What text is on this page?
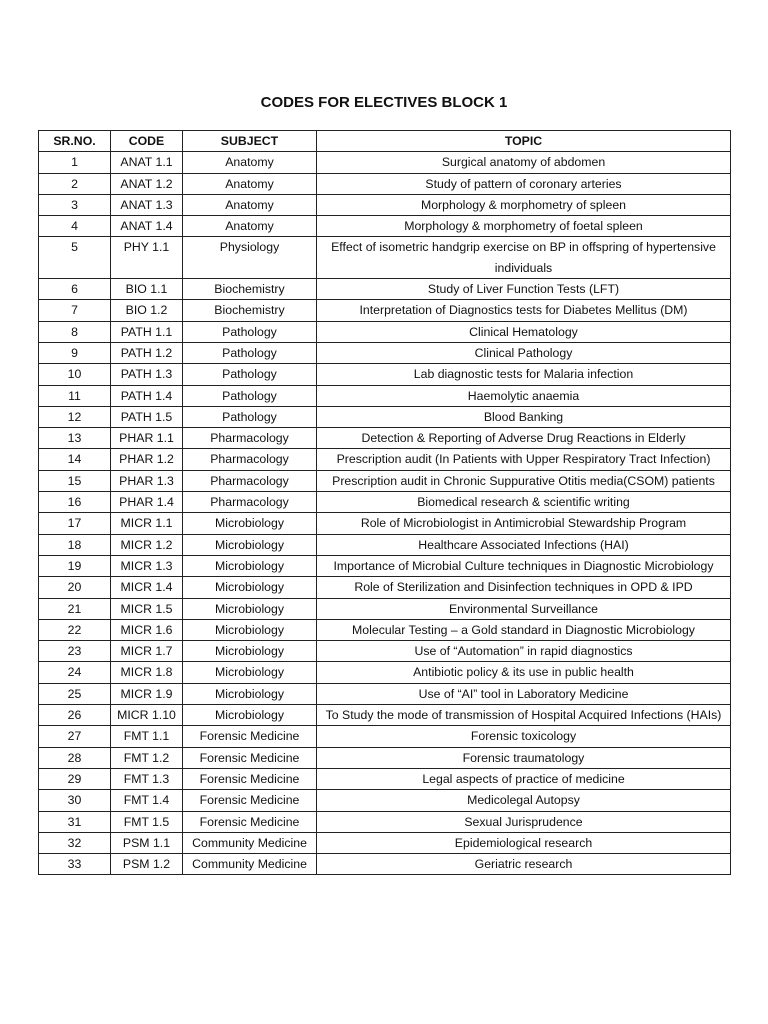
CODES FOR ELECTIVES BLOCK 1
SR.NO.	CODE	SUBJECT	TOPIC
1	ANAT 1.1	Anatomy	Surgical anatomy of abdomen
2	ANAT 1.2	Anatomy	Study of pattern of coronary arteries
3	ANAT 1.3	Anatomy	Morphology & morphometry of spleen
4	ANAT 1.4	Anatomy	Morphology & morphometry of foetal spleen
5	PHY 1.1	Physiology	Effect of isometric handgrip exercise on BP in offspring of hypertensive individuals
6	BIO 1.1	Biochemistry	Study of Liver Function Tests (LFT)
7	BIO 1.2	Biochemistry	Interpretation of Diagnostics tests for Diabetes Mellitus (DM)
8	PATH 1.1	Pathology	Clinical Hematology
9	PATH 1.2	Pathology	Clinical Pathology
10	PATH 1.3	Pathology	Lab diagnostic tests for Malaria infection
11	PATH 1.4	Pathology	Haemolytic anaemia
12	PATH 1.5	Pathology	Blood Banking
13	PHAR 1.1	Pharmacology	Detection & Reporting of Adverse Drug Reactions in Elderly
14	PHAR 1.2	Pharmacology	Prescription audit (In Patients with Upper Respiratory Tract Infection)
15	PHAR 1.3	Pharmacology	Prescription audit in Chronic Suppurative Otitis media(CSOM) patients
16	PHAR 1.4	Pharmacology	Biomedical research & scientific writing
17	MICR 1.1	Microbiology	Role of Microbiologist in Antimicrobial Stewardship Program
18	MICR 1.2	Microbiology	Healthcare Associated Infections (HAI)
19	MICR 1.3	Microbiology	Importance of Microbial Culture techniques in Diagnostic Microbiology
20	MICR 1.4	Microbiology	Role of Sterilization and Disinfection techniques in OPD & IPD
21	MICR 1.5	Microbiology	Environmental Surveillance
22	MICR 1.6	Microbiology	Molecular Testing – a Gold standard in Diagnostic Microbiology
23	MICR 1.7	Microbiology	Use of “Automation” in rapid diagnostics
24	MICR 1.8	Microbiology	Antibiotic policy & its use in public health
25	MICR 1.9	Microbiology	Use of “AI” tool in Laboratory Medicine
26	MICR 1.10	Microbiology	To Study the mode of transmission of Hospital Acquired Infections (HAIs)
27	FMT 1.1	Forensic Medicine	Forensic toxicology
28	FMT 1.2	Forensic Medicine	Forensic traumatology
29	FMT 1.3	Forensic Medicine	Legal aspects of practice of medicine
30	FMT 1.4	Forensic Medicine	Medicolegal Autopsy
31	FMT 1.5	Forensic Medicine	Sexual Jurisprudence
32	PSM 1.1	Community Medicine	Epidemiological research
33	PSM 1.2	Community Medicine	Geriatric research
